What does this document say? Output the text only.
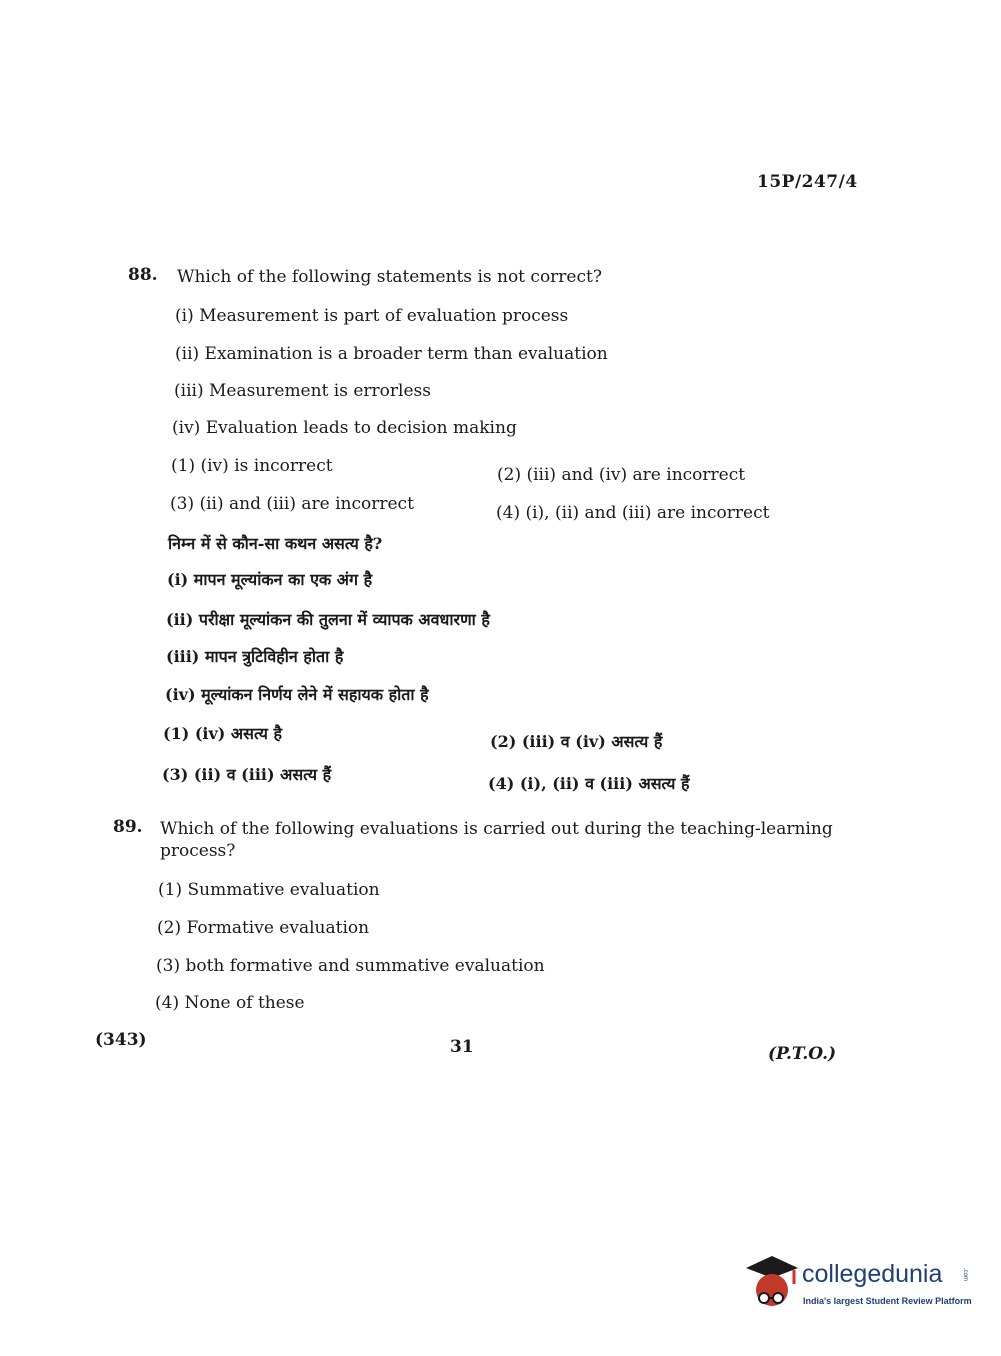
15P/247/4
88. Which of the following statements is not correct?
(i) Measurement is part of evaluation process
(ii) Examination is a broader term than evaluation
(iii) Measurement is errorless
(iv) Evaluation leads to decision making
(1) (iv) is incorrect	(2) (iii) and (iv) are incorrect
(3) (ii) and (iii) are incorrect	(4) (i), (ii) and (iii) are incorrect
निम्न में से कौन-सा कथन असत्य है?
(i) मापन मूल्यांकन का एक अंग है
(ii) परीक्षा मूल्यांकन की तुलना में व्यापक अवधारणा है
(iii) मापन त्रुटिविहीन होता है
(iv) मूल्यांकन निर्णय लेने में सहायक होता है
(1) (iv) असत्य है	(2) (iii) व (iv) असत्य हैं
(3) (ii) व (iii) असत्य हैं	(4) (i), (ii) व (iii) असत्य हैं
89. Which of the following evaluations is carried out during the teaching-learning
process?
(1) Summative evaluation
(2) Formative evaluation
(3) both formative and summative evaluation
(4) None of these
(343)	31	(P.T.O.)
collegedunia	.com
India's largest Student Review Platform
